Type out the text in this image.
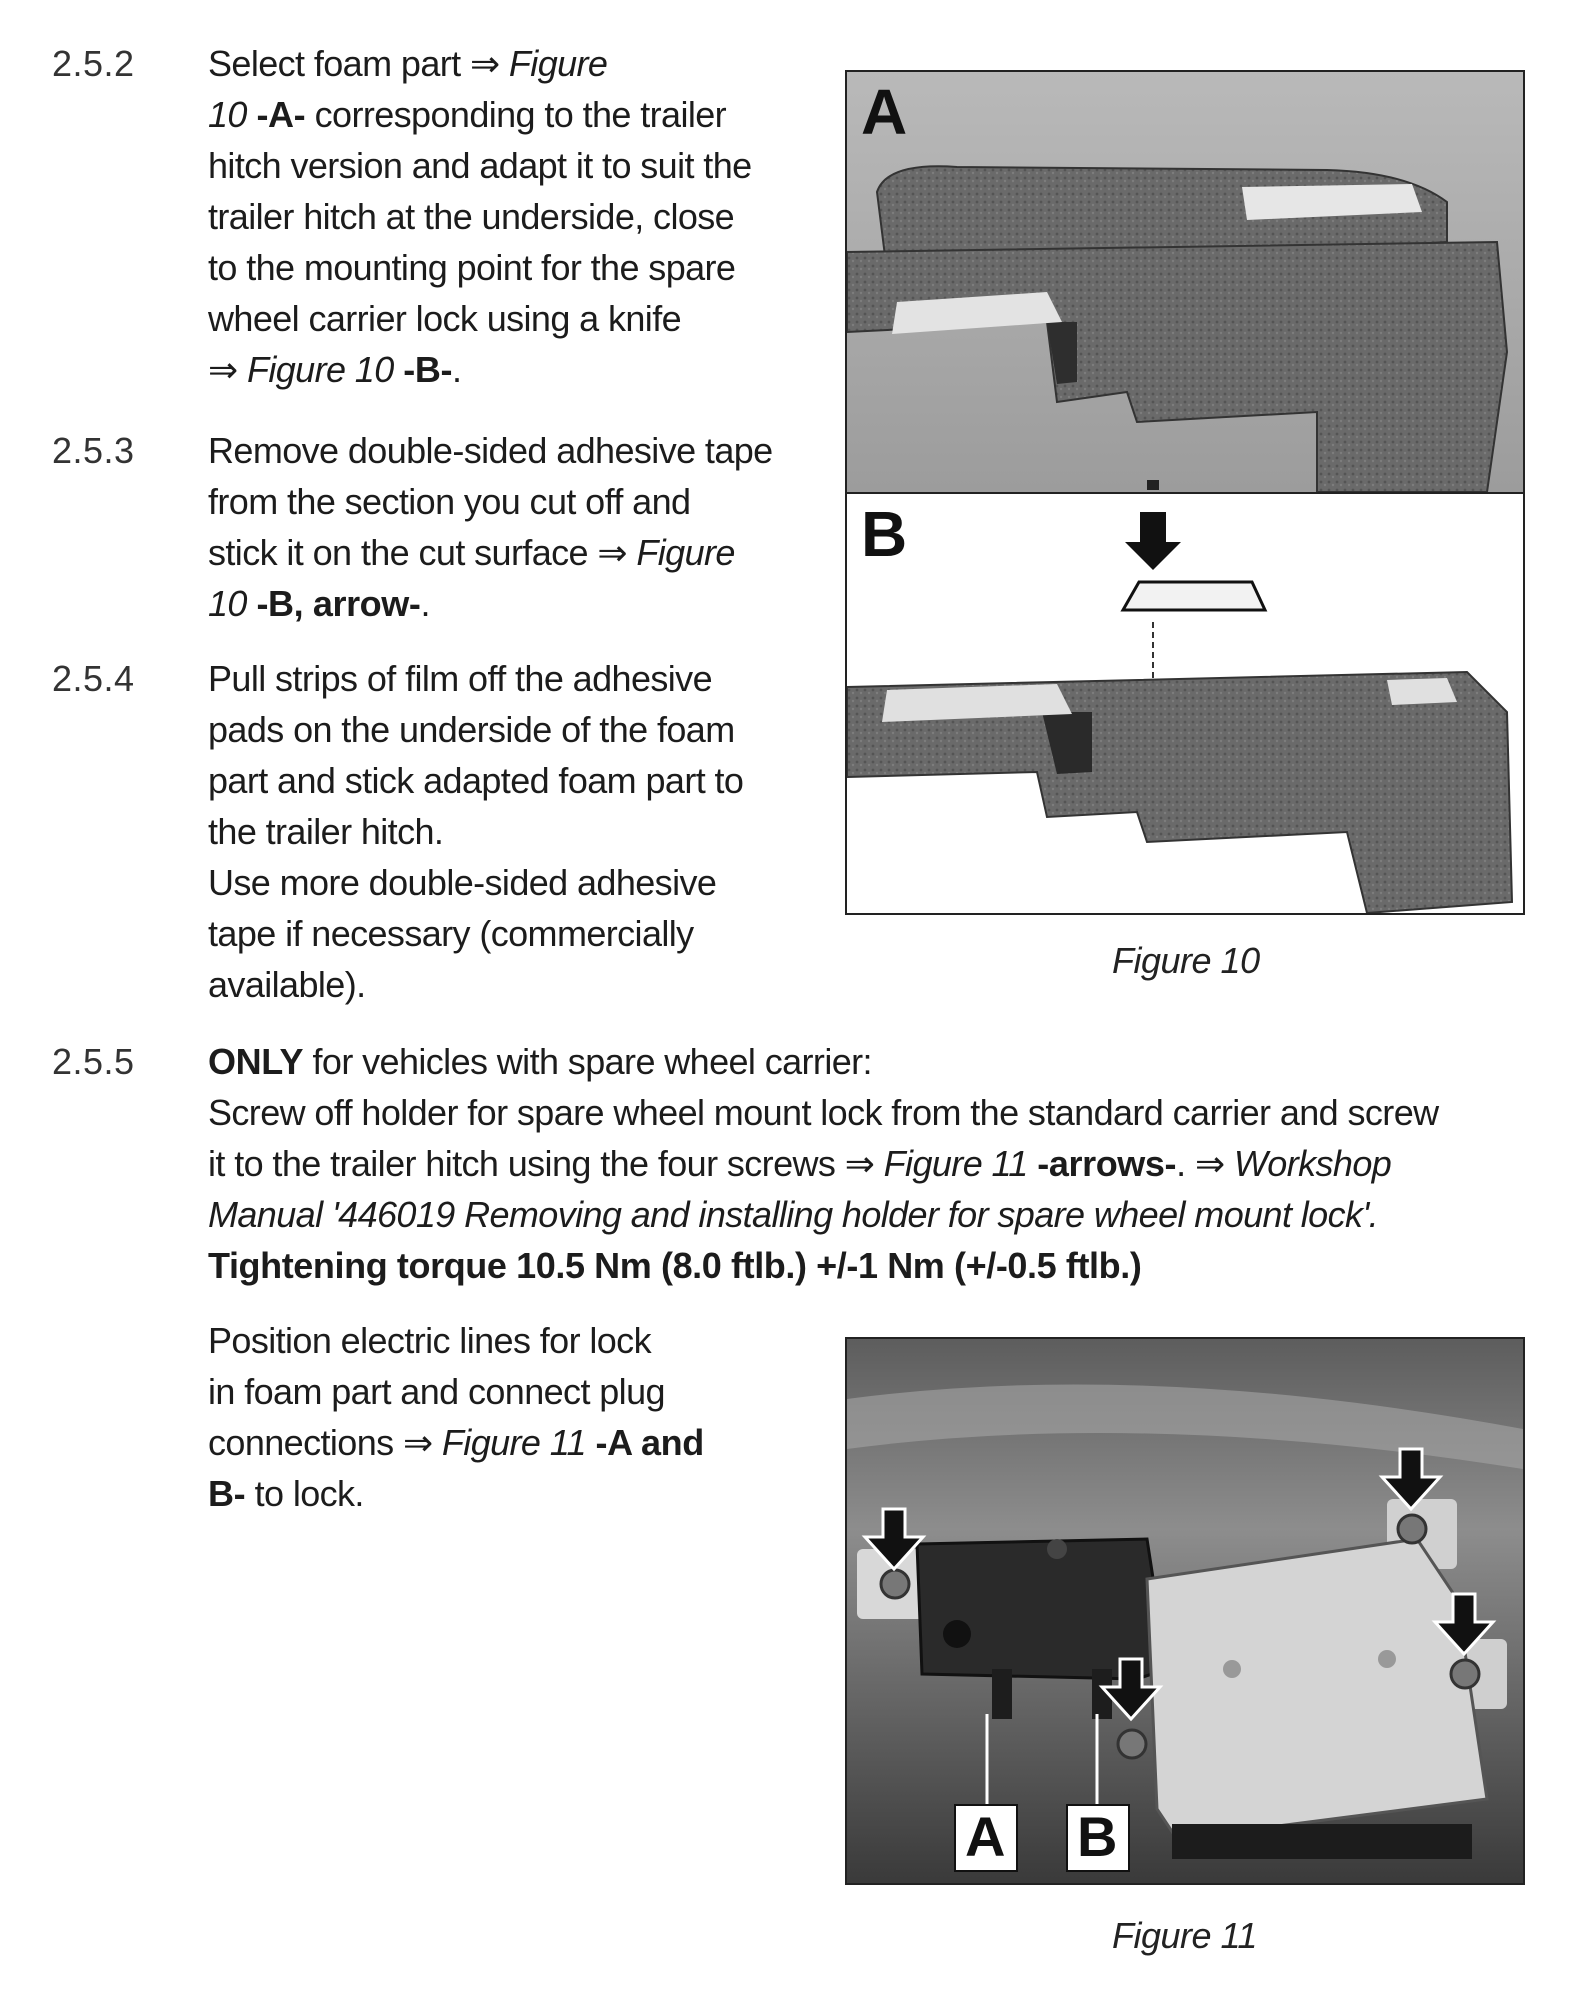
2.5.2
2.5.3
2.5.4
2.5.5
Select foam part ⇒ Figure
10 -A- corresponding to the trailer
hitch version and adapt it to suit the
trailer hitch at the underside, close
to the mounting point for the spare
wheel carrier lock using a knife
⇒ Figure 10 -B-.
Remove double-sided adhesive tape
from the section you cut off and
stick it on the cut surface ⇒ Figure
10 -B, arrow-.
Pull strips of film off the adhesive
pads on the underside of the foam
part and stick adapted foam part to
the trailer hitch.
Use more double-sided adhesive
tape if necessary (commercially
available).
ONLY for vehicles with spare wheel carrier:
Screw off holder for spare wheel mount lock from the standard carrier and screw
it to the trailer hitch using the four screws ⇒ Figure 11 -arrows-. ⇒ Workshop
Manual '446019 Removing and installing holder for spare wheel mount lock'.
Tightening torque 10.5 Nm (8.0 ftlb.) +/-1 Nm (+/-0.5 ftlb.)
Position electric lines for lock
in foam part and connect plug
connections ⇒ Figure 11 -A and
B- to lock.
A
B
Figure 10
A B
Figure 11
